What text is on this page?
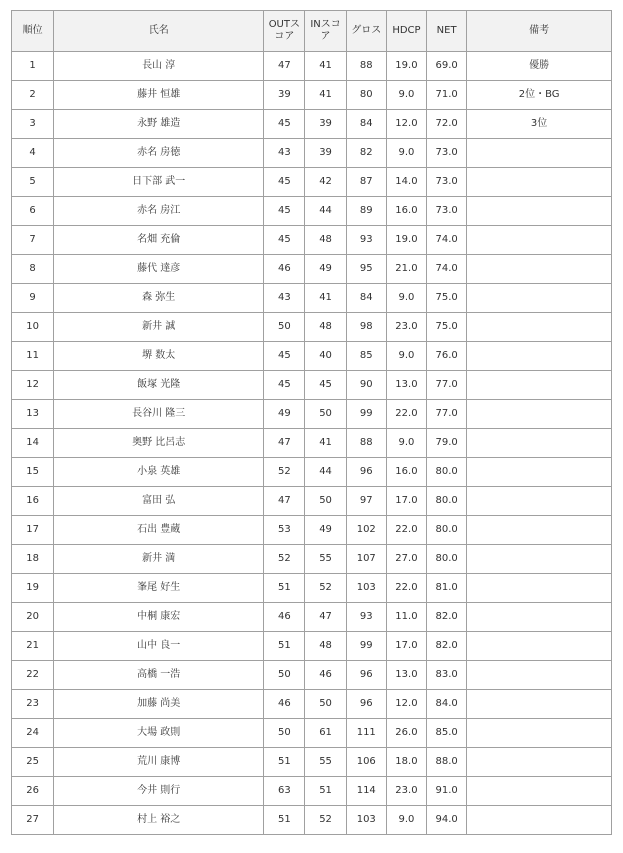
順位	氏名	OUTスコア	INスコア	グロス	HDCP	NET	備考
1	長山 淳	47	41	88	19.0	69.0	優勝
2	藤井 恒雄	39	41	80	9.0	71.0	2位・BG
3	永野 雄造	45	39	84	12.0	72.0	3位
4	赤名 房徳	43	39	82	9.0	73.0	
5	日下部 武一	45	42	87	14.0	73.0	
6	赤名 房江	45	44	89	16.0	73.0	
7	名畑 充倫	45	48	93	19.0	74.0	
8	藤代 達彦	46	49	95	21.0	74.0	
9	森 弥生	43	41	84	9.0	75.0	
10	新井 誠	50	48	98	23.0	75.0	
11	堺 数太	45	40	85	9.0	76.0	
12	飯塚 光隆	45	45	90	13.0	77.0	
13	長谷川 隆三	49	50	99	22.0	77.0	
14	奥野 比呂志	47	41	88	9.0	79.0	
15	小泉 英雄	52	44	96	16.0	80.0	
16	富田 弘	47	50	97	17.0	80.0	
17	石出 豊蔵	53	49	102	22.0	80.0	
18	新井 満	52	55	107	27.0	80.0	
19	峯尾 好生	51	52	103	22.0	81.0	
20	中桐 康宏	46	47	93	11.0	82.0	
21	山中 良一	51	48	99	17.0	82.0	
22	高橋 一浩	50	46	96	13.0	83.0	
23	加藤 尚美	46	50	96	12.0	84.0	
24	大場 政則	50	61	111	26.0	85.0	
25	荒川 康博	51	55	106	18.0	88.0	
26	今井 則行	63	51	114	23.0	91.0	
27	村上 裕之	51	52	103	9.0	94.0	
